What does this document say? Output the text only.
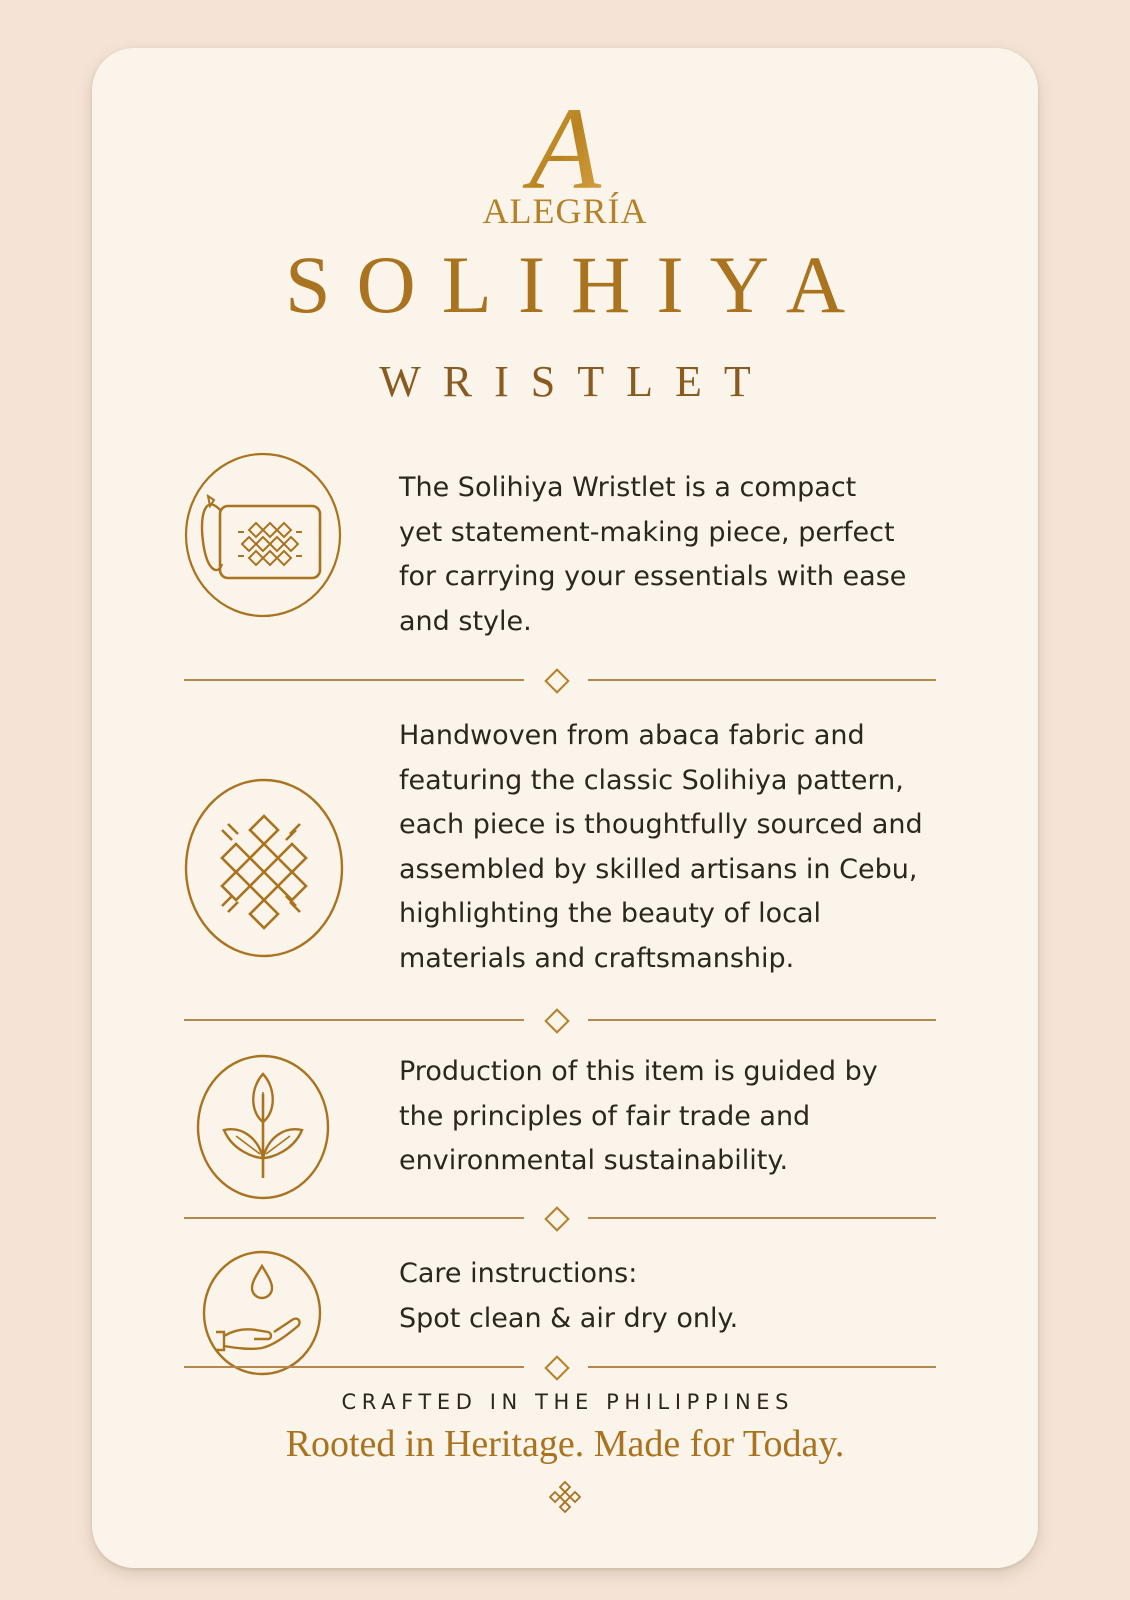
A
ALEGRÍA
SOLIHIYA
WRISTLET

The Solihiya Wristlet is a compact
yet statement-making piece, perfect
for carrying your essentials with ease
and style.

Handwoven from abaca fabric and
featuring the classic Solihiya pattern,
each piece is thoughtfully sourced and
assembled by skilled artisans in Cebu,
highlighting the beauty of local
materials and craftsmanship.

Production of this item is guided by
the principles of fair trade and
environmental sustainability.

Care instructions:
Spot clean & air dry only.

CRAFTED IN THE PHILIPPINES
Rooted in Heritage. Made for Today.
